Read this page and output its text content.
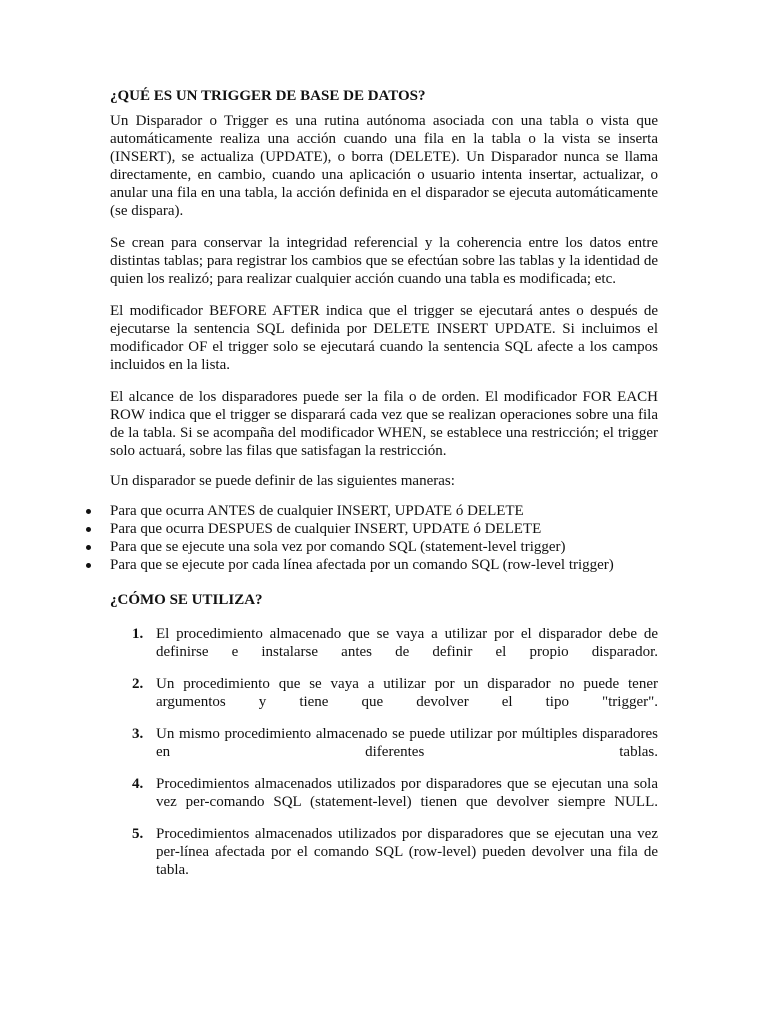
¿QUÉ ES UN TRIGGER DE BASE DE DATOS?

Un Disparador o Trigger es una rutina autónoma asociada con una tabla o vista que automáticamente realiza una acción cuando una fila en la tabla o la vista se inserta (INSERT), se actualiza (UPDATE), o borra (DELETE). Un Disparador nunca se llama directamente, en cambio, cuando una aplicación o usuario intenta insertar, actualizar, o anular una fila en una tabla, la acción definida en el disparador se ejecuta automáticamente (se dispara).

Se crean para conservar la integridad referencial y la coherencia entre los datos entre distintas tablas; para registrar los cambios que se efectúan sobre las tablas y la identidad de quien los realizó; para realizar cualquier acción cuando una tabla es modificada; etc.

El modificador BEFORE AFTER indica que el trigger se ejecutará antes o después de ejecutarse la sentencia SQL definida por DELETE INSERT UPDATE. Si incluimos el modificador OF el trigger solo se ejecutará cuando la sentencia SQL afecte a los campos incluidos en la lista.

El alcance de los disparadores puede ser la fila o de orden. El modificador FOR EACH ROW indica que el trigger se disparará cada vez que se realizan operaciones sobre una fila de la tabla. Si se acompaña del modificador WHEN, se establece una restricción; el trigger solo actuará, sobre las filas que satisfagan la restricción.

Un disparador se puede definir de las siguientes maneras:

Para que ocurra ANTES de cualquier INSERT, UPDATE ó DELETE
Para que ocurra DESPUES de cualquier INSERT, UPDATE ó DELETE
Para que se ejecute una sola vez por comando SQL (statement-level trigger)
Para que se ejecute por cada línea afectada por un comando SQL (row-level trigger)

¿CÓMO SE UTILIZA?

1. El procedimiento almacenado que se vaya a utilizar por el disparador debe de definirse e instalarse antes de definir el propio disparador.
2. Un procedimiento que se vaya a utilizar por un disparador no puede tener argumentos y tiene que devolver el tipo "trigger".
3. Un mismo procedimiento almacenado se puede utilizar por múltiples disparadores en diferentes tablas.
4. Procedimientos almacenados utilizados por disparadores que se ejecutan una sola vez per-comando SQL (statement-level) tienen que devolver siempre NULL.
5. Procedimientos almacenados utilizados por disparadores que se ejecutan una vez per-línea afectada por el comando SQL (row-level) pueden devolver una fila de tabla.
